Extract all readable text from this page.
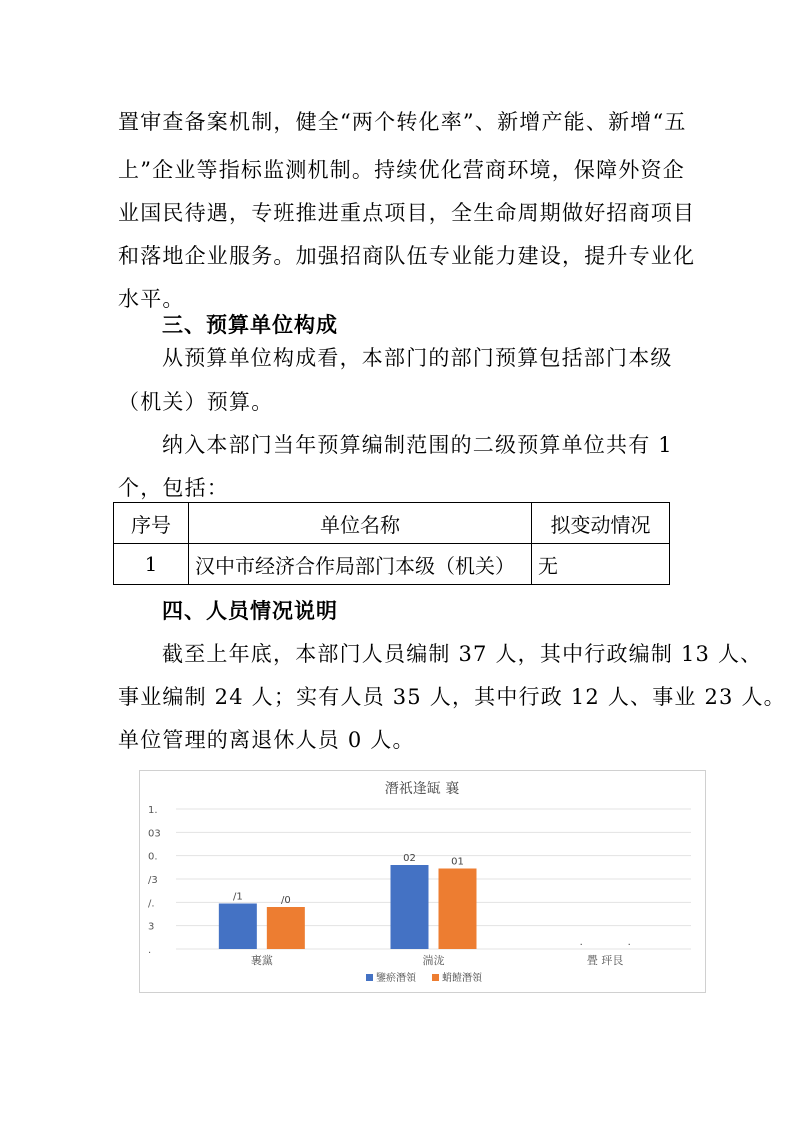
置审查备案机制，健全“两个转化率”、新增产能、新增“五
上”企业等指标监测机制。持续优化营商环境，保障外资企
业国民待遇，专班推进重点项目，全生命周期做好招商项目
和落地企业服务。加强招商队伍专业能力建设，提升专业化
水平。
三、预算单位构成
从预算单位构成看，本部门的部门预算包括部门本级
（机关）预算。
纳入本部门当年预算编制范围的二级预算单位共有 1
个，包括：
序号	单位名称	拟变动情况
1	汉中市经济合作局部门本级（机关）	无
四、人员情况说明
截至上年底，本部门人员编制 37 人，其中行政编制 13 人、
事业编制 24 人；实有人员 35 人，其中行政 12 人、事业 23 人。
单位管理的离退休人员 0 人。
潛祇逢缻 襄
1.
03
0.
/3
/.
3
.
/1	/0
裹黨
02	01
湍泷
.	.
舋 玶艮
鑒瘀潛領	蛸饐潛領
